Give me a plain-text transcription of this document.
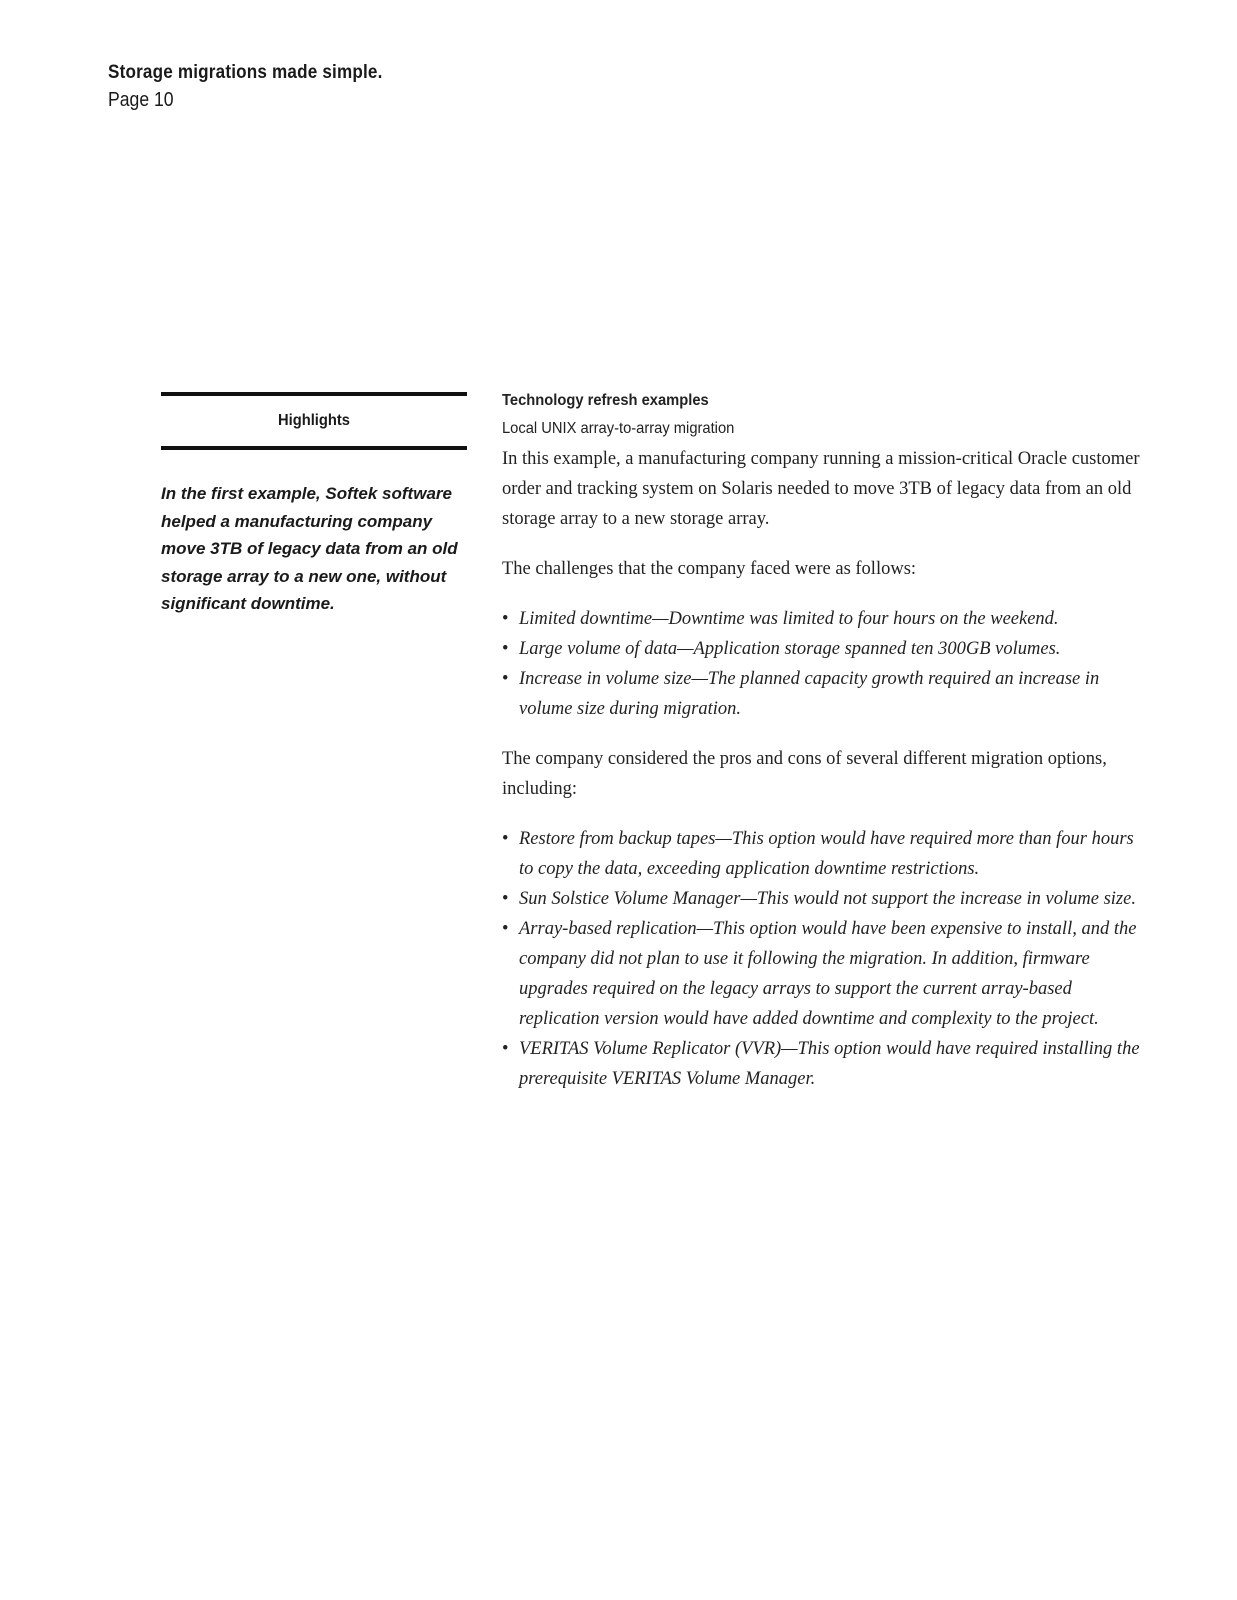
Storage migrations made simple.
Page 10
Highlights
In the first example, Softek software helped a manufacturing company move 3TB of legacy data from an old storage array to a new one, without significant downtime.
Technology refresh examples
Local UNIX array-to-array migration

In this example, a manufacturing company running a mission-critical Oracle customer order and tracking system on Solaris needed to move 3TB of legacy data from an old storage array to a new storage array.

The challenges that the company faced were as follows:

• Limited downtime—Downtime was limited to four hours on the weekend.
• Large volume of data—Application storage spanned ten 300GB volumes.
• Increase in volume size—The planned capacity growth required an increase in volume size during migration.

The company considered the pros and cons of several different migration options, including:

• Restore from backup tapes—This option would have required more than four hours to copy the data, exceeding application downtime restrictions.
• Sun Solstice Volume Manager—This would not support the increase in volume size.
• Array-based replication—This option would have been expensive to install, and the company did not plan to use it following the migration. In addition, firmware upgrades required on the legacy arrays to support the current array-based replication version would have added downtime and complexity to the project.
• VERITAS Volume Replicator (VVR)—This option would have required installing the prerequisite VERITAS Volume Manager.
